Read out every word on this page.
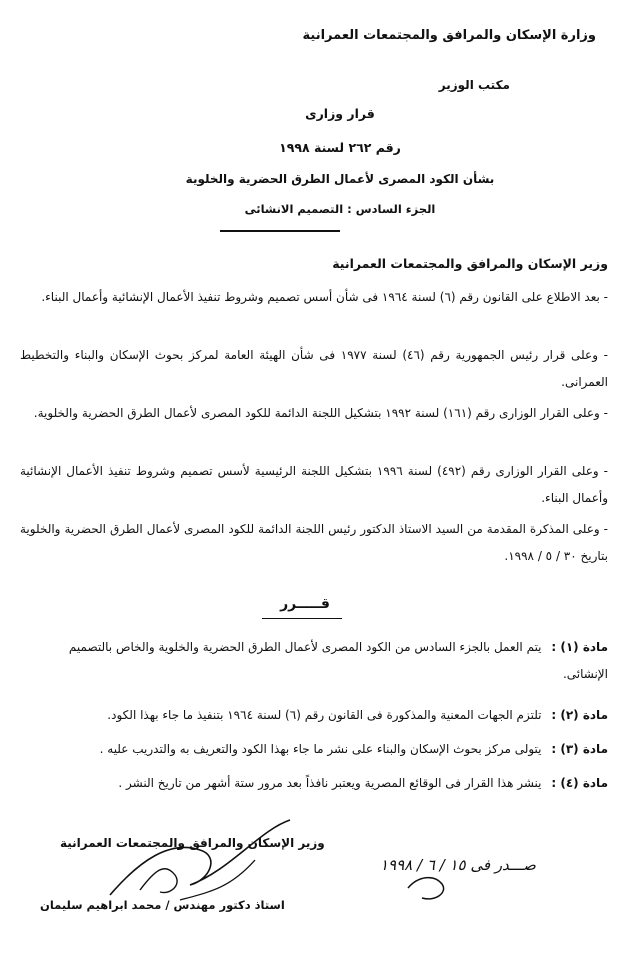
وزارة الإسكان والمرافق والمجتمعات العمرانية
مكتب الوزير
قرار وزارى
رقم ٢٦٢ لسنة ١٩٩٨
بشأن الكود المصرى لأعمال الطرق الحضرية والخلوية
الجزء السادس : التصميم الانشائى
وزير الإسكان والمرافق والمجتمعات العمرانية
- بعد الاطلاع على القانون رقم (٦) لسنة ١٩٦٤ فى شأن أسس تصميم وشروط تنفيذ الأعمال الإنشائية وأعمال البناء.
- وعلى قرار رئيس الجمهورية رقم (٤٦) لسنة ١٩٧٧ فى شأن الهيئة العامة لمركز بحوث الإسكان والبناء والتخطيط العمرانى.
- وعلى القرار الوزارى رقم (١٦١) لسنة ١٩٩٢ بتشكيل اللجنة الدائمة للكود المصرى لأعمال الطرق الحضرية والخلوية.
- وعلى القرار الوزارى رقم (٤٩٢) لسنة ١٩٩٦ بتشكيل اللجنة الرئيسية لأسس تصميم وشروط تنفيذ الأعمال الإنشائية وأعمال البناء.
- وعلى المذكرة المقدمة من السيد الاستاذ الدكتور رئيس اللجنة الدائمة للكود المصرى لأعمال الطرق الحضرية والخلوية بتاريخ ٣٠ / ٥ / ١٩٩٨.
قـــــرر
مادة (١) : يتم العمل بالجزء السادس من الكود المصرى لأعمال الطرق الحضرية والخلوية والخاص بالتصميم الإنشائى.
مادة (٢) : تلتزم الجهات المعنية والمذكورة فى القانون رقم (٦) لسنة ١٩٦٤ بتنفيذ ما جاء بهذا الكود.
مادة (٣) : يتولى مركز بحوث الإسكان والبناء على نشر ما جاء بهذا الكود والتعريف به والتدريب عليه .
مادة (٤) : ينشر هذا القرار فى الوقائع المصرية ويعتبر نافذاً بعد مرور ستة أشهر من تاريخ النشر .
وزير الإسكان والمرافق والمجتمعات العمرانية
استاذ دكتور مهندس / محمد ابراهيم سليمان
صـــدر فى ١٥ / ٦ / ١٩٩٨
